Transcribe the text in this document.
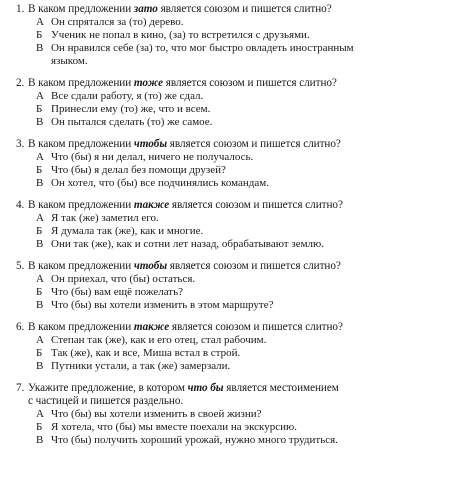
1. В каком предложении зато является союзом и пишется слитно?
А Он спрятался за (то) дерево.
Б Ученик не попал в кино, (за) то встретился с друзьями.
В Он нравился себе (за) то, что мог быстро овладеть иностранным
языком.
2. В каком предложении тоже является союзом и пишется слитно?
А Все сдали работу, я (то) же сдал.
Б Принесли ему (то) же, что и всем.
В Он пытался сделать (то) же самое.
3. В каком предложении чтобы является союзом и пишется слитно?
А Что (бы) я ни делал, ничего не получалось.
Б Что (бы) я делал без помощи друзей?
В Он хотел, что (бы) все подчинялись командам.
4. В каком предложении также является союзом и пишется слитно?
А Я так (же) заметил его.
Б Я думала так (же), как и многие.
В Они так (же), как и сотни лет назад, обрабатывают землю.
5. В каком предложении чтобы является союзом и пишется слитно?
А Он приехал, что (бы) остаться.
Б Что (бы) вам ещё пожелать?
В Что (бы) вы хотели изменить в этом маршруте?
6. В каком предложении также является союзом и пишется слитно?
А Степан так (же), как и его отец, стал рабочим.
Б Так (же), как и все, Миша встал в строй.
В Путники устали, а так (же) замерзали.
7. Укажите предложение, в котором что бы является местоимением
с частицей и пишется раздельно.
А Что (бы) вы хотели изменить в своей жизни?
Б Я хотела, что (бы) мы вместе поехали на экскурсию.
В Что (бы) получить хороший урожай, нужно много трудиться.
